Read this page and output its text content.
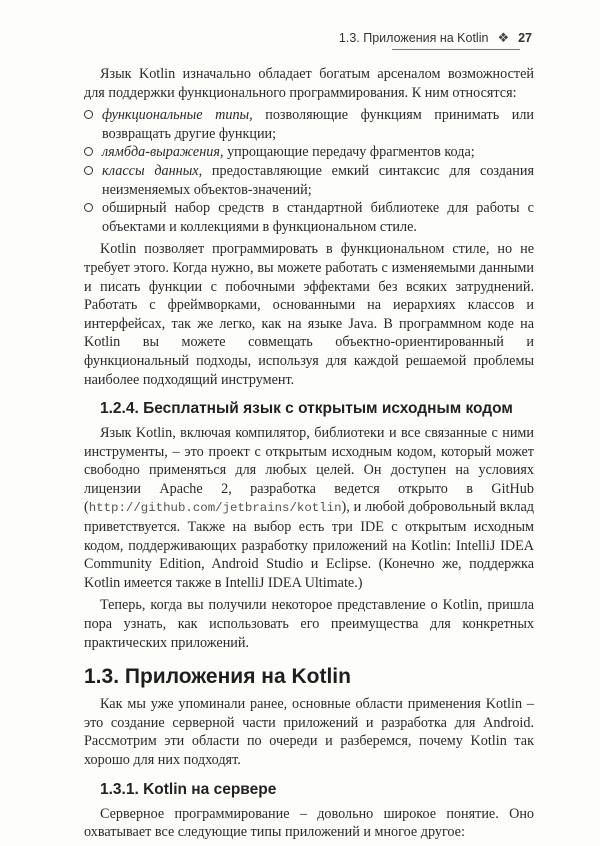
1.3. Приложения на Kotlin ❖ 27

Язык Kotlin изначально обладает богатым арсеналом возможностей для поддержки функционального программирования. К ним относятся:

функциональные типы, позволяющие функциям принимать или возвращать другие функции;
лямбда-выражения, упрощающие передачу фрагментов кода;
классы данных, предоставляющие емкий синтаксис для создания неизменяемых объектов-значений;
обширный набор средств в стандартной библиотеке для работы с объектами и коллекциями в функциональном стиле.

Kotlin позволяет программировать в функциональном стиле, но не требует этого. Когда нужно, вы можете работать с изменяемыми данными и писать функции с побочными эффектами без всяких затруднений. Работать с фреймворками, основанными на иерархиях классов и интерфейсах, так же легко, как на языке Java. В программном коде на Kotlin вы можете совмещать объектно-ориентированный и функциональный подходы, используя для каждой решаемой проблемы наиболее подходящий инструмент.

1.2.4. Бесплатный язык с открытым исходным кодом

Язык Kotlin, включая компилятор, библиотеки и все связанные с ними инструменты, – это проект с открытым исходным кодом, который может свободно применяться для любых целей. Он доступен на условиях лицензии Apache 2, разработка ведется открыто в GitHub (http://github.com/jetbrains/kotlin), и любой добровольный вклад приветствуется. Также на выбор есть три IDE с открытым исходным кодом, поддерживающих разработку приложений на Kotlin: IntelliJ IDEA Community Edition, Android Studio и Eclipse. (Конечно же, поддержка Kotlin имеется также в IntelliJ IDEA Ultimate.)

Теперь, когда вы получили некоторое представление о Kotlin, пришла пора узнать, как использовать его преимущества для конкретных практических приложений.

1.3. Приложения на Kotlin

Как мы уже упоминали ранее, основные области применения Kotlin – это создание серверной части приложений и разработка для Android. Рассмотрим эти области по очереди и разберемся, почему Kotlin так хорошо для них подходят.

1.3.1. Kotlin на сервере

Серверное программирование – довольно широкое понятие. Оно охватывает все следующие типы приложений и многое другое:
